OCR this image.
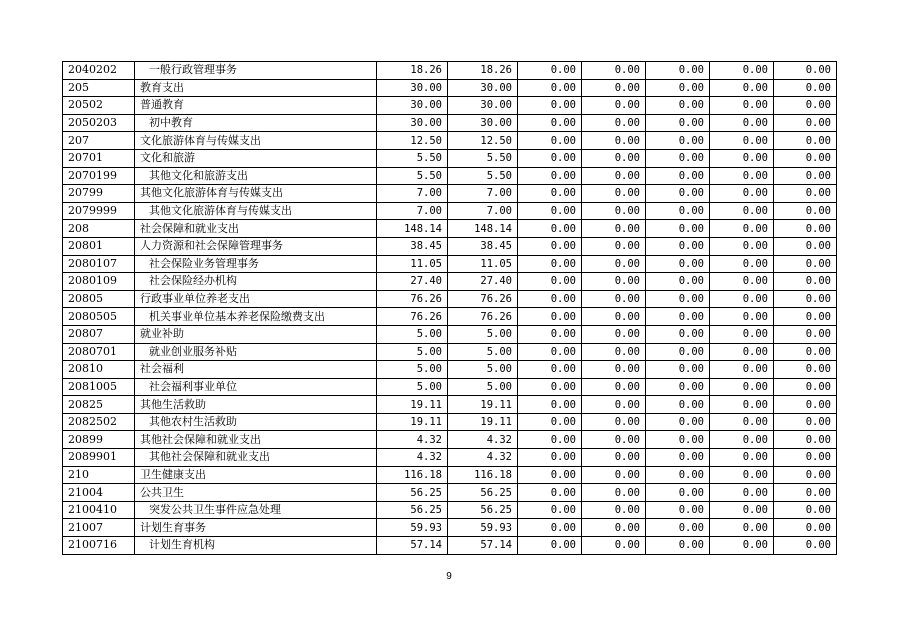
2040202	一般行政管理事务	18.26	18.26	0.00	0.00	0.00	0.00	0.00
205	教育支出	30.00	30.00	0.00	0.00	0.00	0.00	0.00
20502	普通教育	30.00	30.00	0.00	0.00	0.00	0.00	0.00
2050203	初中教育	30.00	30.00	0.00	0.00	0.00	0.00	0.00
207	文化旅游体育与传媒支出	12.50	12.50	0.00	0.00	0.00	0.00	0.00
20701	文化和旅游	5.50	5.50	0.00	0.00	0.00	0.00	0.00
2070199	其他文化和旅游支出	5.50	5.50	0.00	0.00	0.00	0.00	0.00
20799	其他文化旅游体育与传媒支出	7.00	7.00	0.00	0.00	0.00	0.00	0.00
2079999	其他文化旅游体育与传媒支出	7.00	7.00	0.00	0.00	0.00	0.00	0.00
208	社会保障和就业支出	148.14	148.14	0.00	0.00	0.00	0.00	0.00
20801	人力资源和社会保障管理事务	38.45	38.45	0.00	0.00	0.00	0.00	0.00
2080107	社会保险业务管理事务	11.05	11.05	0.00	0.00	0.00	0.00	0.00
2080109	社会保险经办机构	27.40	27.40	0.00	0.00	0.00	0.00	0.00
20805	行政事业单位养老支出	76.26	76.26	0.00	0.00	0.00	0.00	0.00
2080505	机关事业单位基本养老保险缴费支出	76.26	76.26	0.00	0.00	0.00	0.00	0.00
20807	就业补助	5.00	5.00	0.00	0.00	0.00	0.00	0.00
2080701	就业创业服务补贴	5.00	5.00	0.00	0.00	0.00	0.00	0.00
20810	社会福利	5.00	5.00	0.00	0.00	0.00	0.00	0.00
2081005	社会福利事业单位	5.00	5.00	0.00	0.00	0.00	0.00	0.00
20825	其他生活救助	19.11	19.11	0.00	0.00	0.00	0.00	0.00
2082502	其他农村生活救助	19.11	19.11	0.00	0.00	0.00	0.00	0.00
20899	其他社会保障和就业支出	4.32	4.32	0.00	0.00	0.00	0.00	0.00
2089901	其他社会保障和就业支出	4.32	4.32	0.00	0.00	0.00	0.00	0.00
210	卫生健康支出	116.18	116.18	0.00	0.00	0.00	0.00	0.00
21004	公共卫生	56.25	56.25	0.00	0.00	0.00	0.00	0.00
2100410	突发公共卫生事件应急处理	56.25	56.25	0.00	0.00	0.00	0.00	0.00
21007	计划生育事务	59.93	59.93	0.00	0.00	0.00	0.00	0.00
2100716	计划生育机构	57.14	57.14	0.00	0.00	0.00	0.00	0.00
9
